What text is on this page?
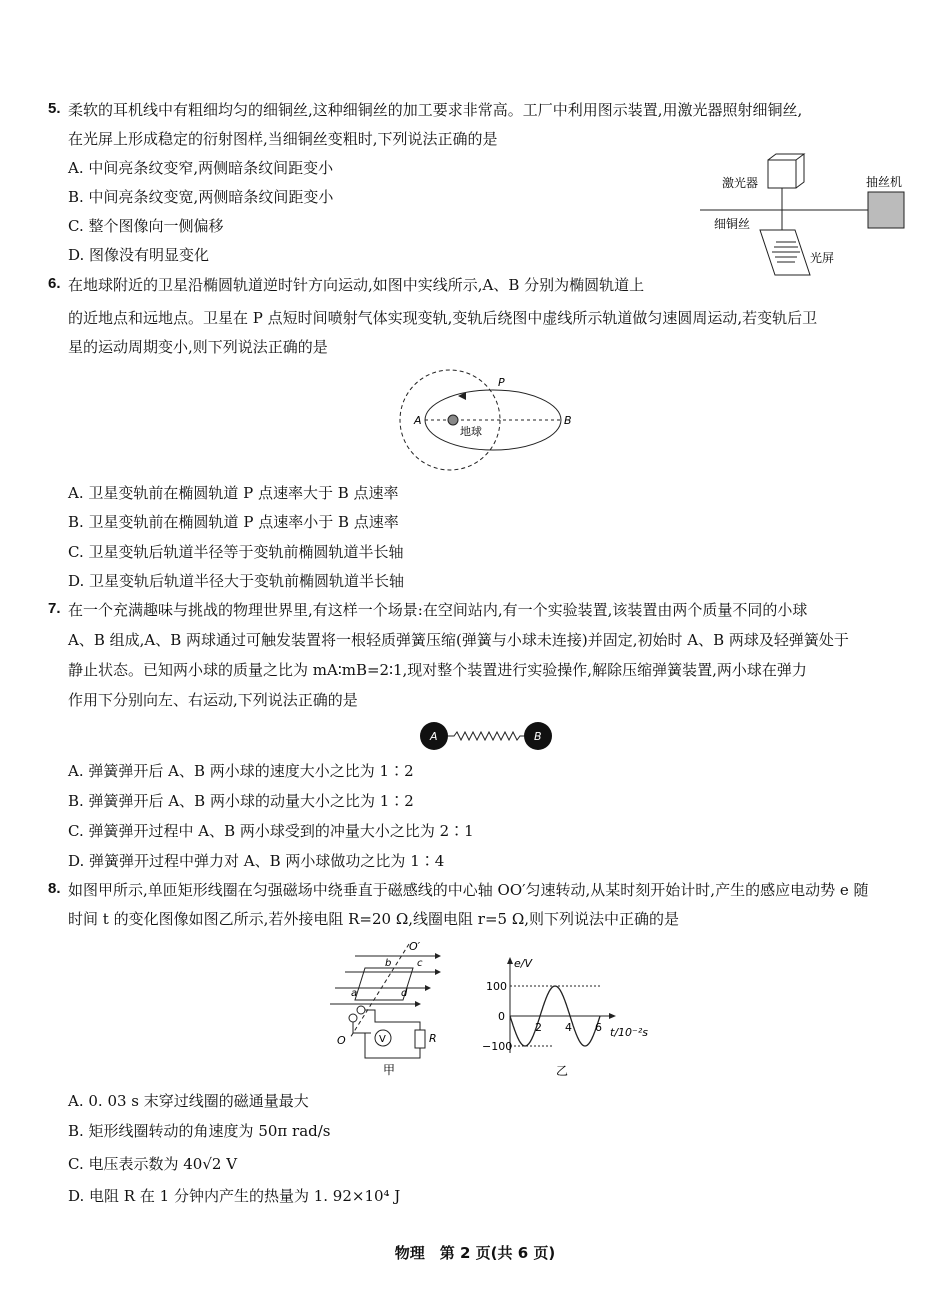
5. 柔软的耳机线中有粗细均匀的细铜丝,这种细铜丝的加工要求非常高。工厂中利用图示装置,用激光器照射细铜丝,
在光屏上形成稳定的衍射图样,当细铜丝变粗时,下列说法正确的是
A. 中间亮条纹变窄,两侧暗条纹间距变小
B. 中间亮条纹变宽,两侧暗条纹间距变小
C. 整个图像向一侧偏移
D. 图像没有明显变化
激光器	抽丝机
细铜丝
光屏
6. 在地球附近的卫星沿椭圆轨道逆时针方向运动,如图中实线所示,A、B 分别为椭圆轨道上
的近地点和远地点。卫星在 P 点短时间喷射气体实现变轨,变轨后绕图中虚线所示轨道做匀速圆周运动,若变轨后卫
星的运动周期变小,则下列说法正确的是
P
A	B
地球
A. 卫星变轨前在椭圆轨道 P 点速率大于 B 点速率
B. 卫星变轨前在椭圆轨道 P 点速率小于 B 点速率
C. 卫星变轨后轨道半径等于变轨前椭圆轨道半长轴
D. 卫星变轨后轨道半径大于变轨前椭圆轨道半长轴
7. 在一个充满趣味与挑战的物理世界里,有这样一个场景:在空间站内,有一个实验装置,该装置由两个质量不同的小球
A、B 组成,A、B 两球通过可触发装置将一根轻质弹簧压缩(弹簧与小球未连接)并固定,初始时 A、B 两球及轻弹簧处于
静止状态。已知两小球的质量之比为 mA∶mB=2∶1,现对整个装置进行实验操作,解除压缩弹簧装置,两小球在弹力
作用下分别向左、右运动,下列说法正确的是
A	B
A. 弹簧弹开后 A、B 两小球的速度大小之比为 1∶2
B. 弹簧弹开后 A、B 两小球的动量大小之比为 1∶2
C. 弹簧弹开过程中 A、B 两小球受到的冲量大小之比为 2∶1
D. 弹簧弹开过程中弹力对 A、B 两小球做功之比为 1∶4
8. 如图甲所示,单匝矩形线圈在匀强磁场中绕垂直于磁感线的中心轴 OO′匀速转动,从某时刻开始计时,产生的感应电动势 e 随
时间 t 的变化图像如图乙所示,若外接电阻 R=20 Ω,线圈电阻 r=5 Ω,则下列说法中正确的是
V	R
O′
O
b	c
a	d
甲
e/V
t/10⁻²s
100
0
−100
2 4 6
乙
A. 0. 03 s 末穿过线圈的磁通量最大
B. 矩形线圈转动的角速度为 50π rad/s
C. 电压表示数为 40√2 V
D. 电阻 R 在 1 分钟内产生的热量为 1. 92×10⁴ J
物理　第 2 页(共 6 页)
